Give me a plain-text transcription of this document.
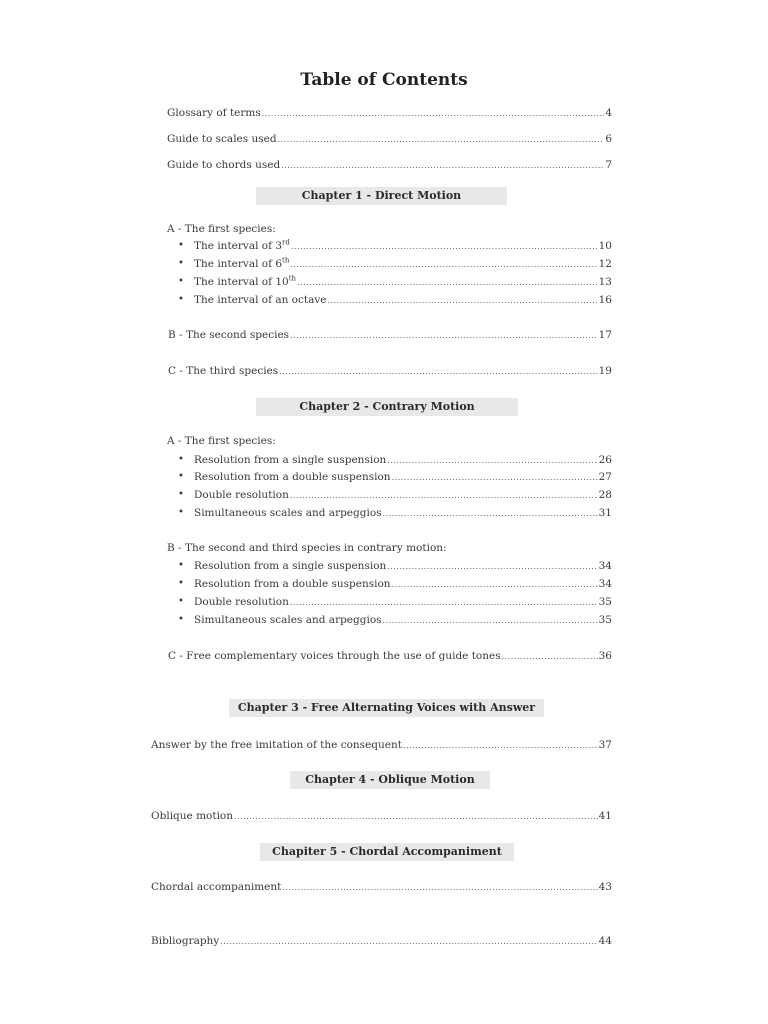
Table of Contents
Glossary of terms .....	4
Guide to scales used .....	6
Guide to chords used .....	7
Chapter 1 - Direct Motion
A - The first species:
• The interval of 3rd .....	10
• The interval of 6th .....	12
• The interval of 10th .....	13
• The interval of an octave .....	16
B - The second species .....	17
C - The third species .....	19
Chapter 2 - Contrary Motion
A - The first species:
• Resolution from a single suspension .....	26
• Resolution from a double suspension .....	27
• Double resolution .....	28
• Simultaneous scales and arpeggios .....	31
B - The second and third species in contrary motion:
• Resolution from a single suspension .....	34
• Resolution from a double suspension .....	34
• Double resolution .....	35
• Simultaneous scales and arpeggios .....	35
C - Free complementary voices through the use of guide tones .....	36
Chapter 3 - Free Alternating Voices with Answer
Answer by the free imitation of the consequent .....	37
Chapter 4 - Oblique Motion
Oblique motion .....	41
Chapiter 5 - Chordal Accompaniment
Chordal accompaniment .....	43
Bibliography .....	44
